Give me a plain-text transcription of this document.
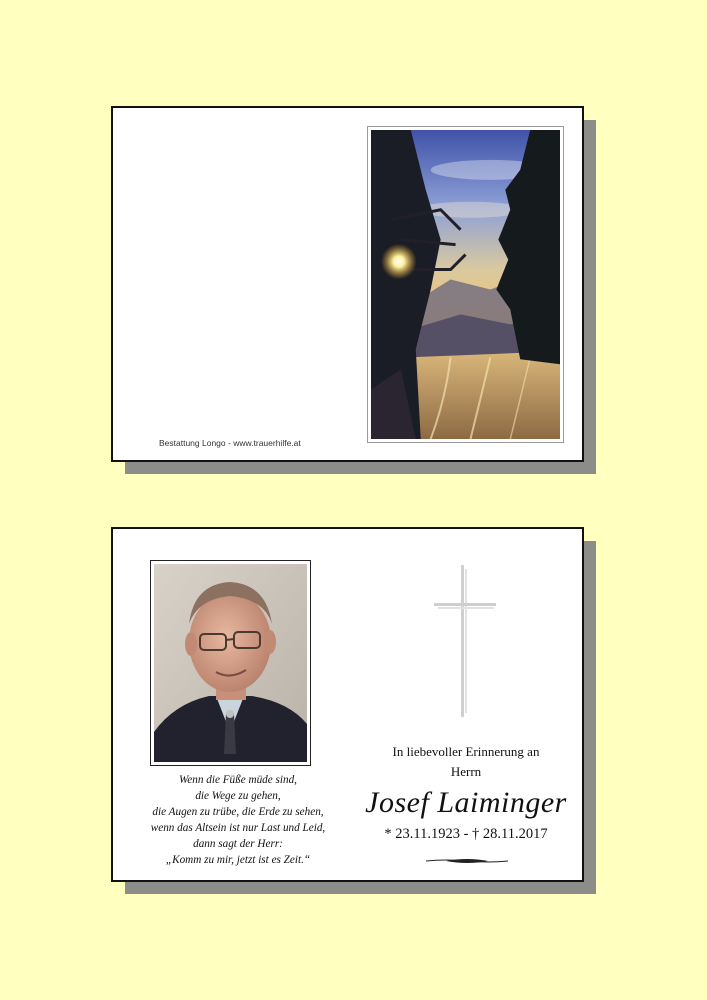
Bestattung Longo - www.trauerhilfe.at
Wenn die Füße müde sind,
die Wege zu gehen,
die Augen zu trübe, die Erde zu sehen,
wenn das Altsein ist nur Last und Leid,
dann sagt der Herr:
„Komm zu mir, jetzt ist es Zeit.“
In liebevoller Erinnerung an
Herrn
Josef Laiminger
* 23.11.1923 - † 28.11.2017
